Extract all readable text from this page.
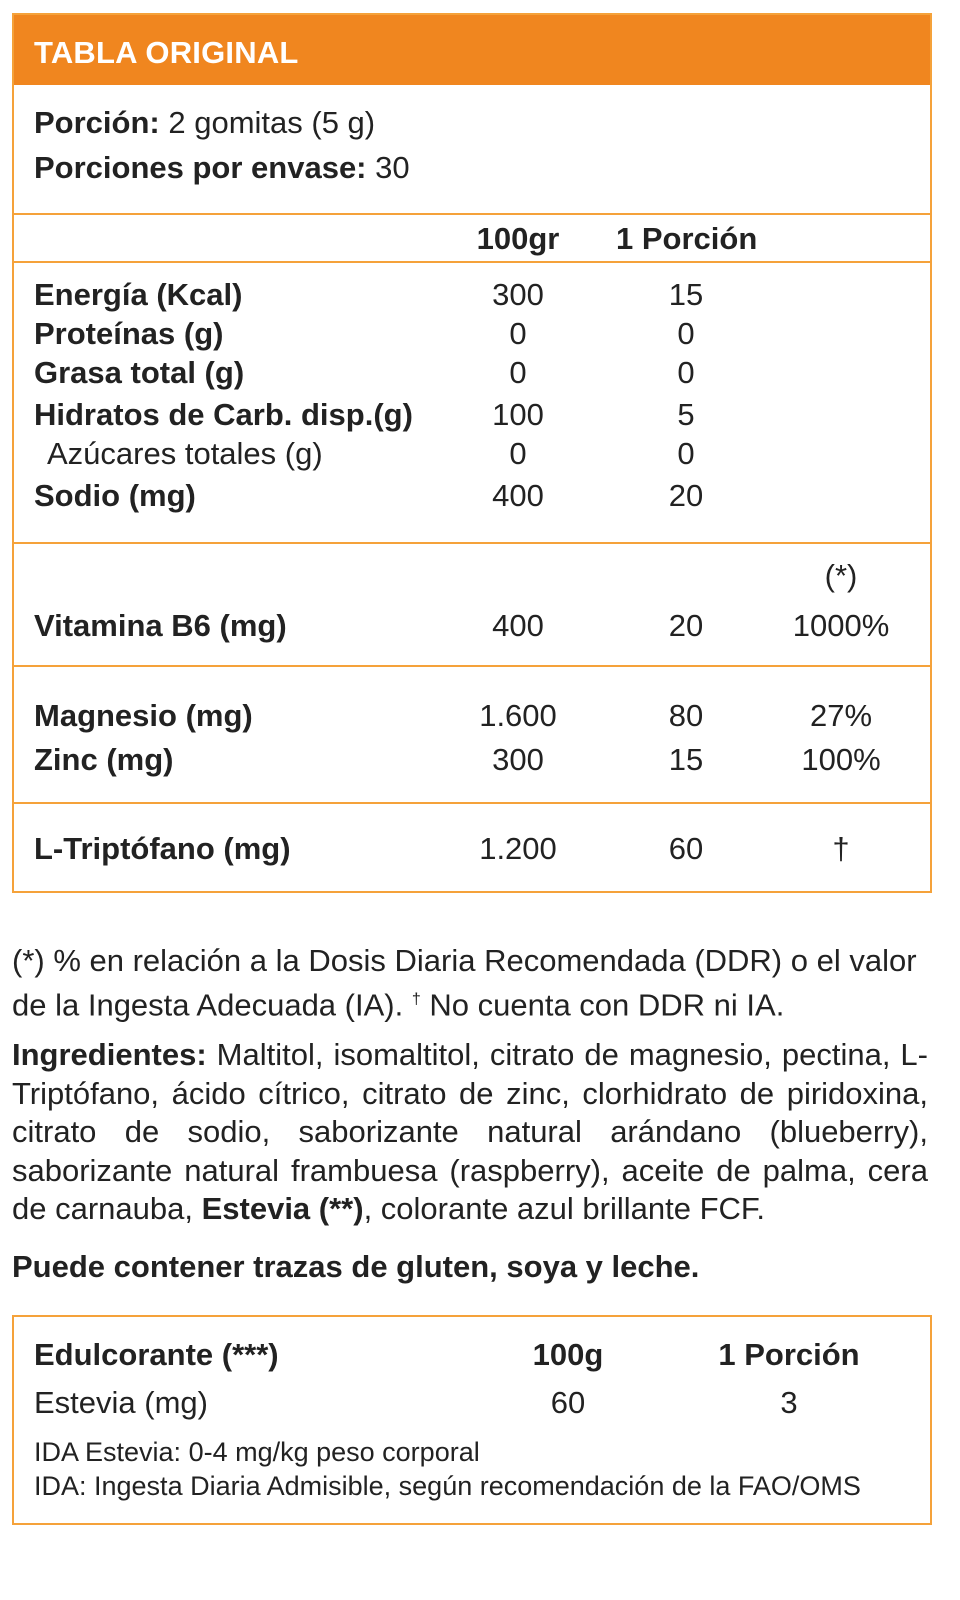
TABLA ORIGINAL
Porción: 2 gomitas (5 g)
Porciones por envase: 30
100gr	1 Porción
Energía (Kcal)	300	15
Proteínas (g)	0	0
Grasa total (g)	0	0
Hidratos de Carb. disp.(g)	100	5
Azúcares totales (g)	0	0
Sodio (mg)	400	20
(*)
Vitamina B6 (mg)	400	20	1000%
Magnesio (mg)	1.600	80	27%
Zinc (mg)	300	15	100%
L-Triptófano (mg)	1.200	60	†
(*) % en relación a la Dosis Diaria Recomendada (DDR) o el valor de la Ingesta Adecuada (IA). † No cuenta con DDR ni IA.
Ingredientes: Maltitol, isomaltitol, citrato de magnesio, pectina, L-Triptófano, ácido cítrico, citrato de zinc, clorhidrato de piridoxina, citrato de sodio, saborizante natural arándano (blueberry), saborizante natural frambuesa (raspberry), aceite de palma, cera de carnauba, Estevia (**), colorante azul brillante FCF.
Puede contener trazas de gluten, soya y leche.
Edulcorante (***)	100g	1 Porción
Estevia (mg)	60	3
IDA Estevia: 0-4 mg/kg peso corporal
IDA: Ingesta Diaria Admisible, según recomendación de la FAO/OMS
